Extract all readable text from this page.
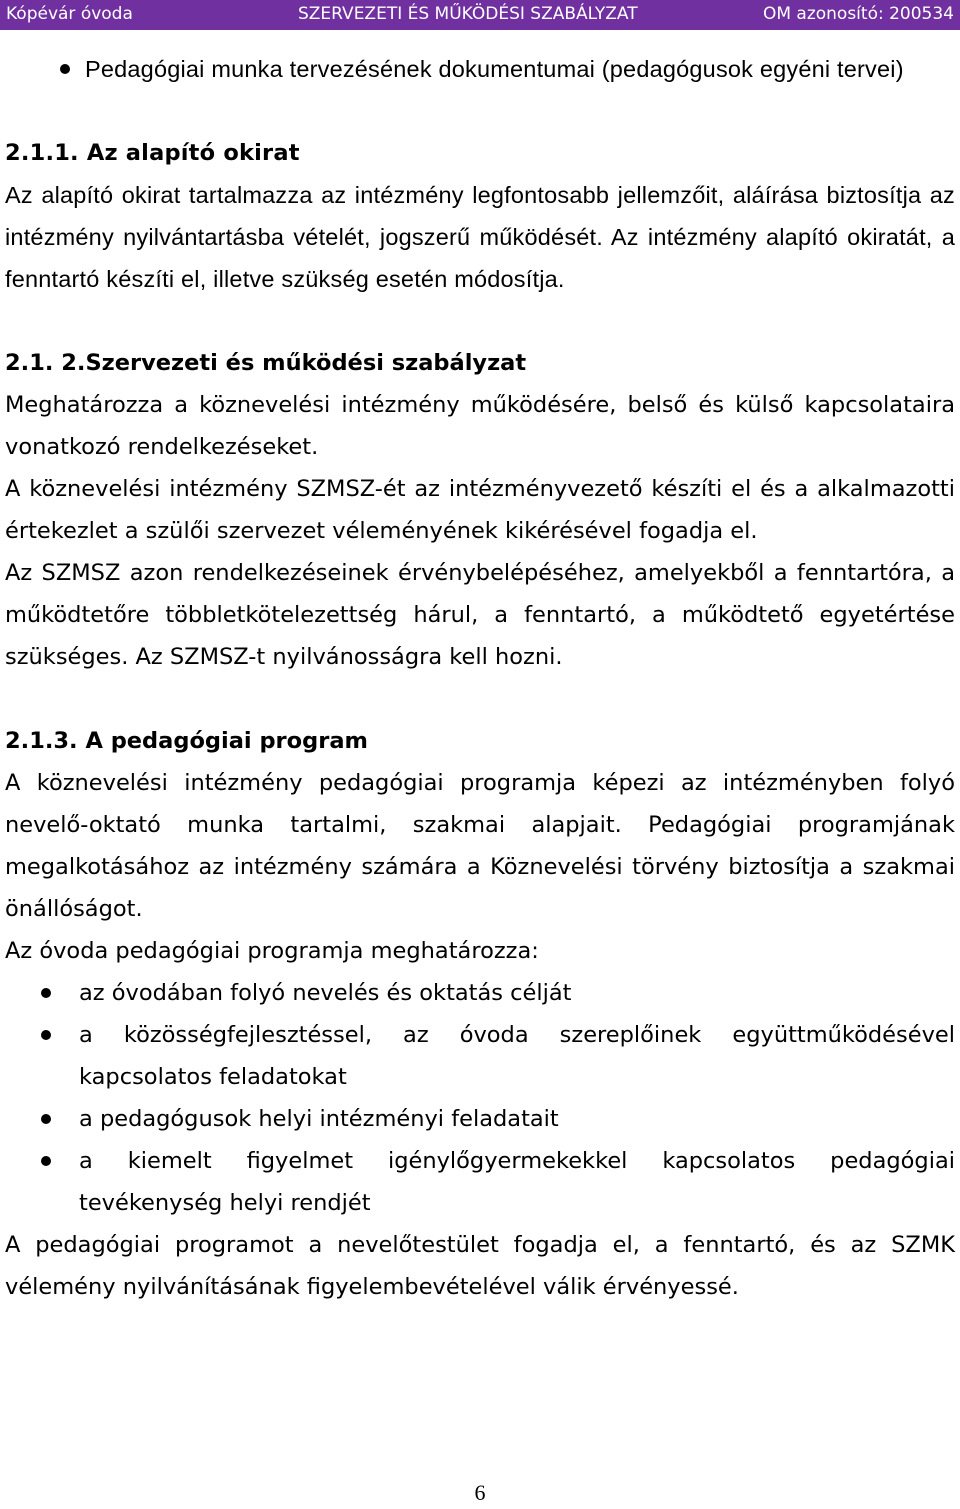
Kópévár óvoda	SZERVEZETI ÉS MŰKÖDÉSI SZABÁLYZAT	OM azonosító: 200534
Pedagógiai munka tervezésének dokumentumai (pedagógusok egyéni tervei)

2.1.1. Az alapító okirat

Az alapító okirat tartalmazza az intézmény legfontosabb jellemzőit, aláírása biztosítja az intézmény nyilvántartásba vételét, jogszerű működését. Az intézmény alapító okiratát, a fenntartó készíti el, illetve szükség esetén módosítja.

2.1. 2.Szervezeti és működési szabályzat

Meghatározza a köznevelési intézmény működésére, belső és külső kapcsolataira vonatkozó rendelkezéseket.

A köznevelési intézmény SZMSZ-ét az intézményvezető készíti el és a alkalmazotti értekezlet a szülői szervezet véleményének kikérésével fogadja el.

Az SZMSZ azon rendelkezéseinek érvénybelépéséhez, amelyekből a fenntartóra, a működtetőre többletkötelezettség hárul, a fenntartó, a működtető egyetértése szükséges. Az SZMSZ-t nyilvánosságra kell hozni.

2.1.3. A pedagógiai program

A köznevelési intézmény pedagógiai programja képezi az intézményben folyó nevelő-oktató munka tartalmi, szakmai alapjait. Pedagógiai programjának megalkotásához az intézmény számára a Köznevelési törvény biztosítja a szakmai önállóságot.

Az óvoda pedagógiai programja meghatározza:

az óvodában folyó nevelés és oktatás célját
a közösségfejlesztéssel, az óvoda szereplőinek együttműködésével kapcsolatos feladatokat
a pedagógusok helyi intézményi feladatait
a kiemelt figyelmet igénylőgyermekekkel kapcsolatos pedagógiai tevékenység helyi rendjét

A pedagógiai programot a nevelőtestület fogadja el, a fenntartó, és az SZMK vélemény nyilvánításának figyelembevételével válik érvényessé.

6
